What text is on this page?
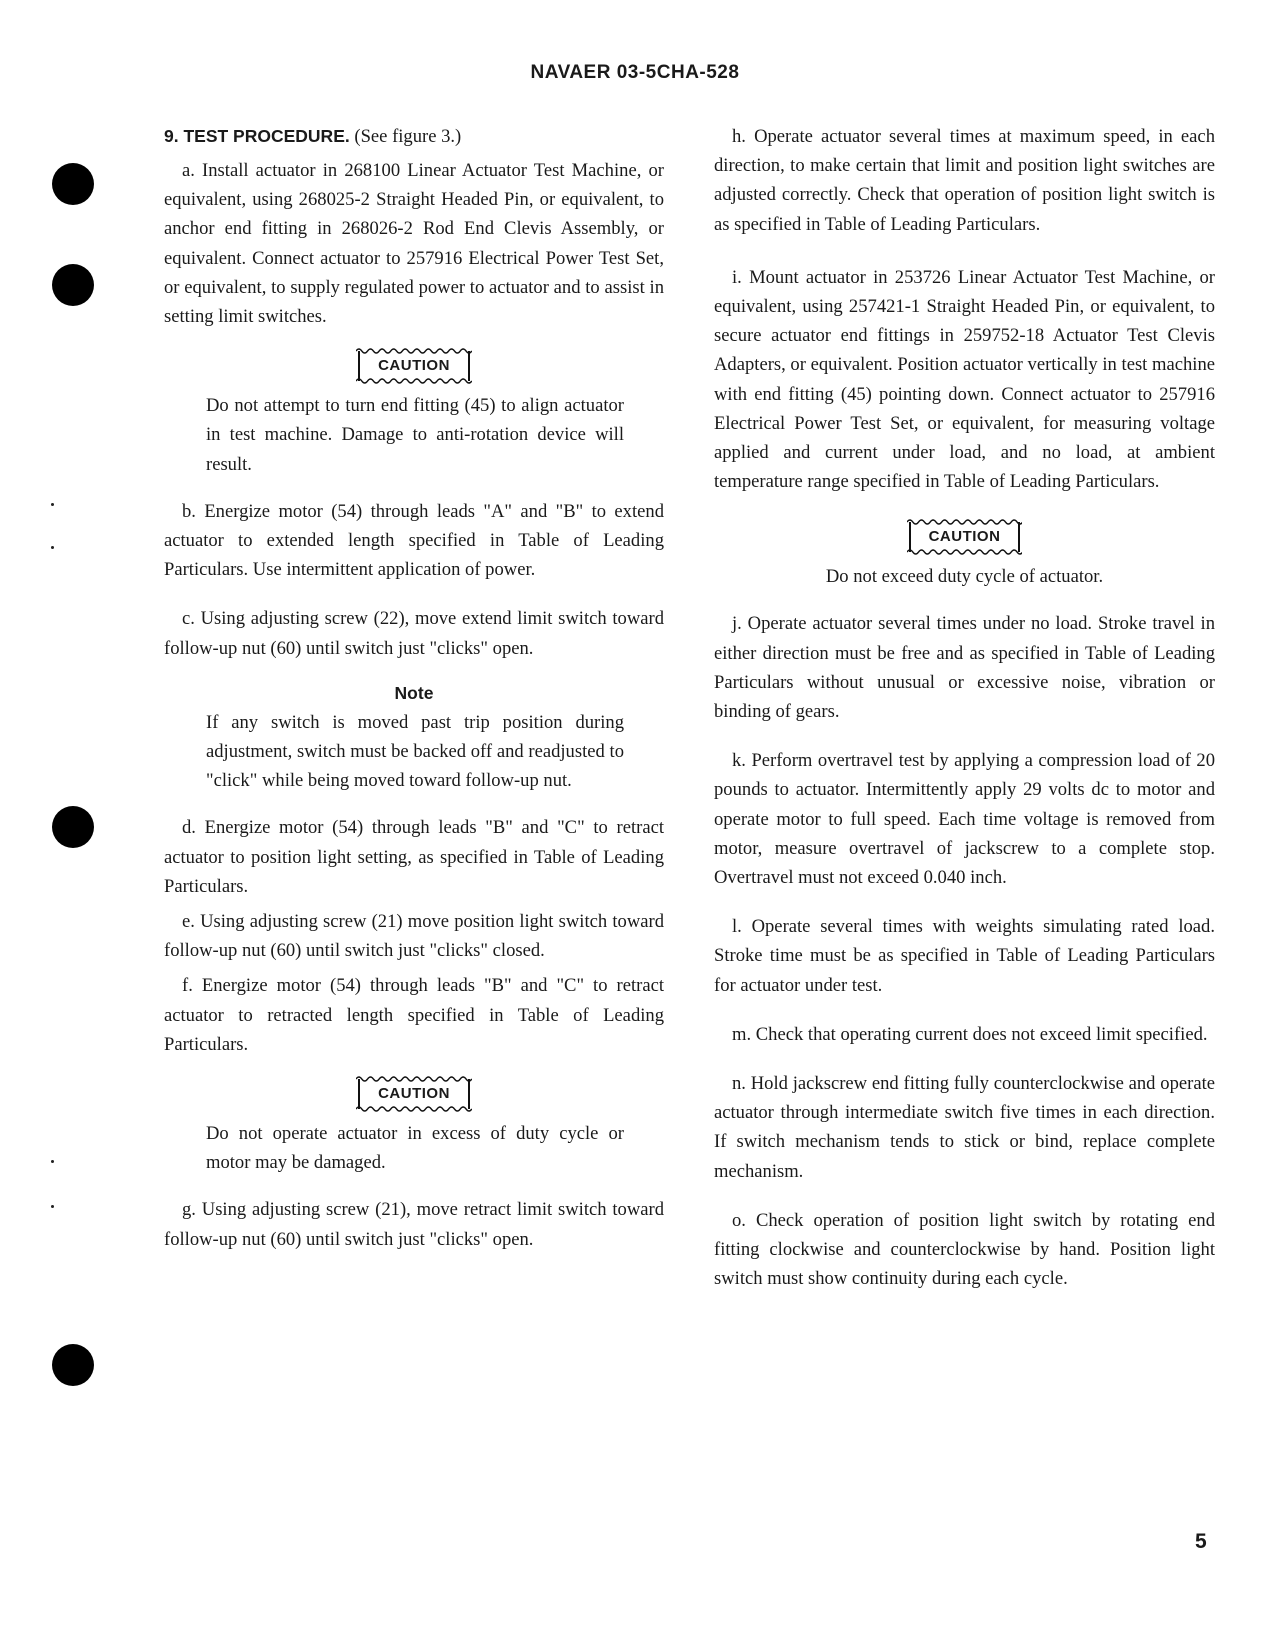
NAVAER 03-5CHA-528

9. TEST PROCEDURE. (See figure 3.)

a. Install actuator in 268100 Linear Actuator Test Machine, or equivalent, using 268025-2 Straight Headed Pin, or equivalent, to anchor end fitting in 268026-2 Rod End Clevis Assembly, or equivalent. Connect actuator to 257916 Electrical Power Test Set, or equivalent, to supply regulated power to actuator and to assist in setting limit switches.

CAUTION

Do not attempt to turn end fitting (45) to align actuator in test machine. Damage to anti-rotation device will result.

b. Energize motor (54) through leads "A" and "B" to extend actuator to extended length specified in Table of Leading Particulars. Use intermittent application of power.

c. Using adjusting screw (22), move extend limit switch toward follow-up nut (60) until switch just "clicks" open.

Note

If any switch is moved past trip position during adjustment, switch must be backed off and readjusted to "click" while being moved toward follow-up nut.

d. Energize motor (54) through leads "B" and "C" to retract actuator to position light setting, as specified in Table of Leading Particulars.

e. Using adjusting screw (21) move position light switch toward follow-up nut (60) until switch just "clicks" closed.

f. Energize motor (54) through leads "B" and "C" to retract actuator to retracted length specified in Table of Leading Particulars.

CAUTION

Do not operate actuator in excess of duty cycle or motor may be damaged.

g. Using adjusting screw (21), move retract limit switch toward follow-up nut (60) until switch just "clicks" open.

h. Operate actuator several times at maximum speed, in each direction, to make certain that limit and position light switches are adjusted correctly. Check that operation of position light switch is as specified in Table of Leading Particulars.

i. Mount actuator in 253726 Linear Actuator Test Machine, or equivalent, using 257421-1 Straight Headed Pin, or equivalent, to secure actuator end fittings in 259752-18 Actuator Test Clevis Adapters, or equivalent. Position actuator vertically in test machine with end fitting (45) pointing down. Connect actuator to 257916 Electrical Power Test Set, or equivalent, for measuring voltage applied and current under load, and no load, at ambient temperature range specified in Table of Leading Particulars.

CAUTION

Do not exceed duty cycle of actuator.

j. Operate actuator several times under no load. Stroke travel in either direction must be free and as specified in Table of Leading Particulars without unusual or excessive noise, vibration or binding of gears.

k. Perform overtravel test by applying a compression load of 20 pounds to actuator. Intermittently apply 29 volts dc to motor and operate motor to full speed. Each time voltage is removed from motor, measure overtravel of jackscrew to a complete stop. Overtravel must not exceed 0.040 inch.

l. Operate several times with weights simulating rated load. Stroke time must be as specified in Table of Leading Particulars for actuator under test.

m. Check that operating current does not exceed limit specified.

n. Hold jackscrew end fitting fully counterclockwise and operate actuator through intermediate switch five times in each direction. If switch mechanism tends to stick or bind, replace complete mechanism.

o. Check operation of position light switch by rotating end fitting clockwise and counterclockwise by hand. Position light switch must show continuity during each cycle.

5
